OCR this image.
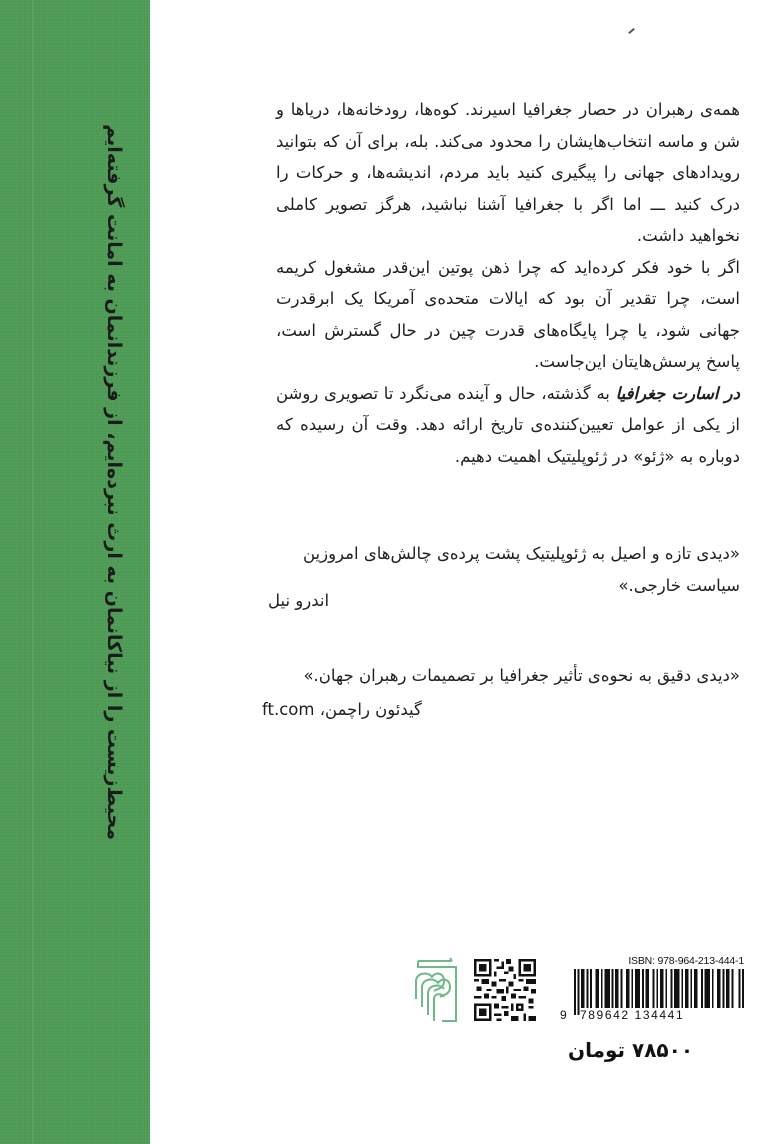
محیط‌زیست را از نیاکانمان به ارث نبرده‌ایم، از فرزندانمان به امانت گرفته‌ایم

همه‌ی رهبران در حصار جغرافیا اسیرند. کوه‌ها، رودخانه‌ها، دریاها و شن و ماسه انتخاب‌هایشان را محدود می‌کند. بله، برای آن که بتوانید رویدادهای جهانی را پیگیری کنید باید مردم، اندیشه‌ها، و حرکات را درک کنید ـــ اما اگر با جغرافیا آشنا نباشید، هرگز تصویر کاملی نخواهید داشت.

اگر با خود فکر کرده‌اید که چرا ذهن پوتین این‌قدر مشغول کریمه است، چرا تقدیر آن بود که ایالات متحده‌ی آمریکا یک ابرقدرت جهانی شود، یا چرا پایگاه‌های قدرت چین در حال گسترش است، پاسخ پرسش‌هایتان این‌جاست.

در اسارت جغرافیا به گذشته، حال و آینده می‌نگرد تا تصویری روشن از یکی از عوامل تعیین‌کننده‌ی تاریخ ارائه دهد. وقت آن رسیده که دوباره به «ژئو» در ژئوپلیتیک اهمیت دهیم.

«دیدی تازه و اصیل به ژئوپلیتیک پشت پرده‌ی چالش‌های امروزین سیاست خارجی.»

اندرو نیل

«دیدی دقیق به نحوه‌ی تأثیر جغرافیا بر تصمیمات رهبران جهان.»

گیدئون راچمن، ft.com
ISBN: 978-964-213-444-1
9 789642 134441
۷۸۵۰۰ تومان
